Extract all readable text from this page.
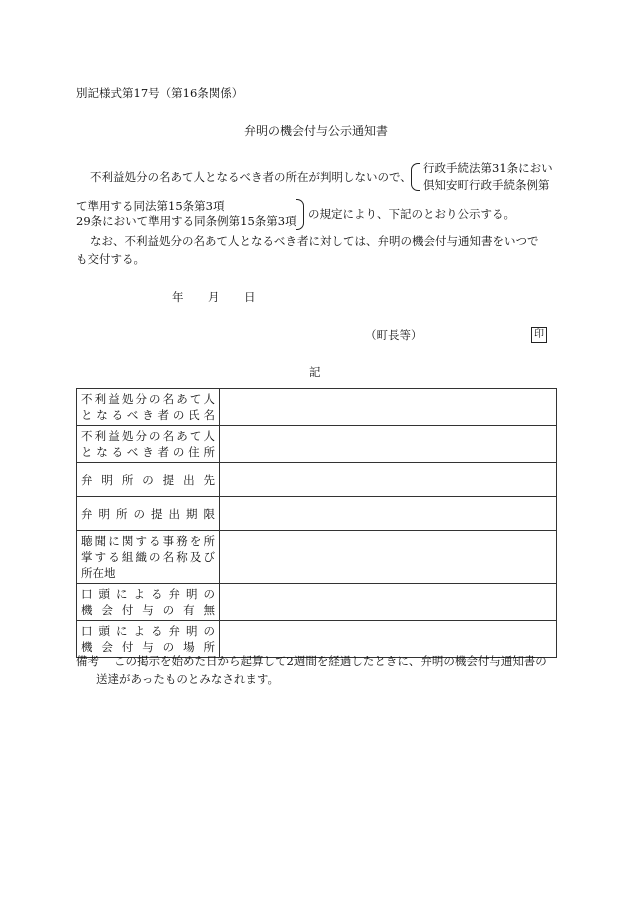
別記様式第17号（第16条関係）
弁明の機会付与公示通知書
不利益処分の名あて人となるべき者の所在が判明しないので、
行政手続法第31条におい
倶知安町行政手続条例第
て準用する同法第15条第3項
29条において準用する同条例第15条第3項 の規定により、下記のとおり公示する。
なお、不利益処分の名あて人となるべき者に対しては、弁明の機会付与通知書をいつで
も交付する。
年 月 日
（町長等）	印
記
不利益処分の名あて人
となるべき者の氏名	

不利益処分の名あて人
となるべき者の住所	

弁明所の提出先	

弁明所の提出期限	

聴聞に関する事務を所
掌する組織の名称及び
所在地	

口頭による弁明の
機会付与の有無	

口頭による弁明の
機会付与の場所	

備考 この掲示を始めた日から起算して2週間を経過したときに、弁明の機会付与通知書の
送達があったものとみなされます。
